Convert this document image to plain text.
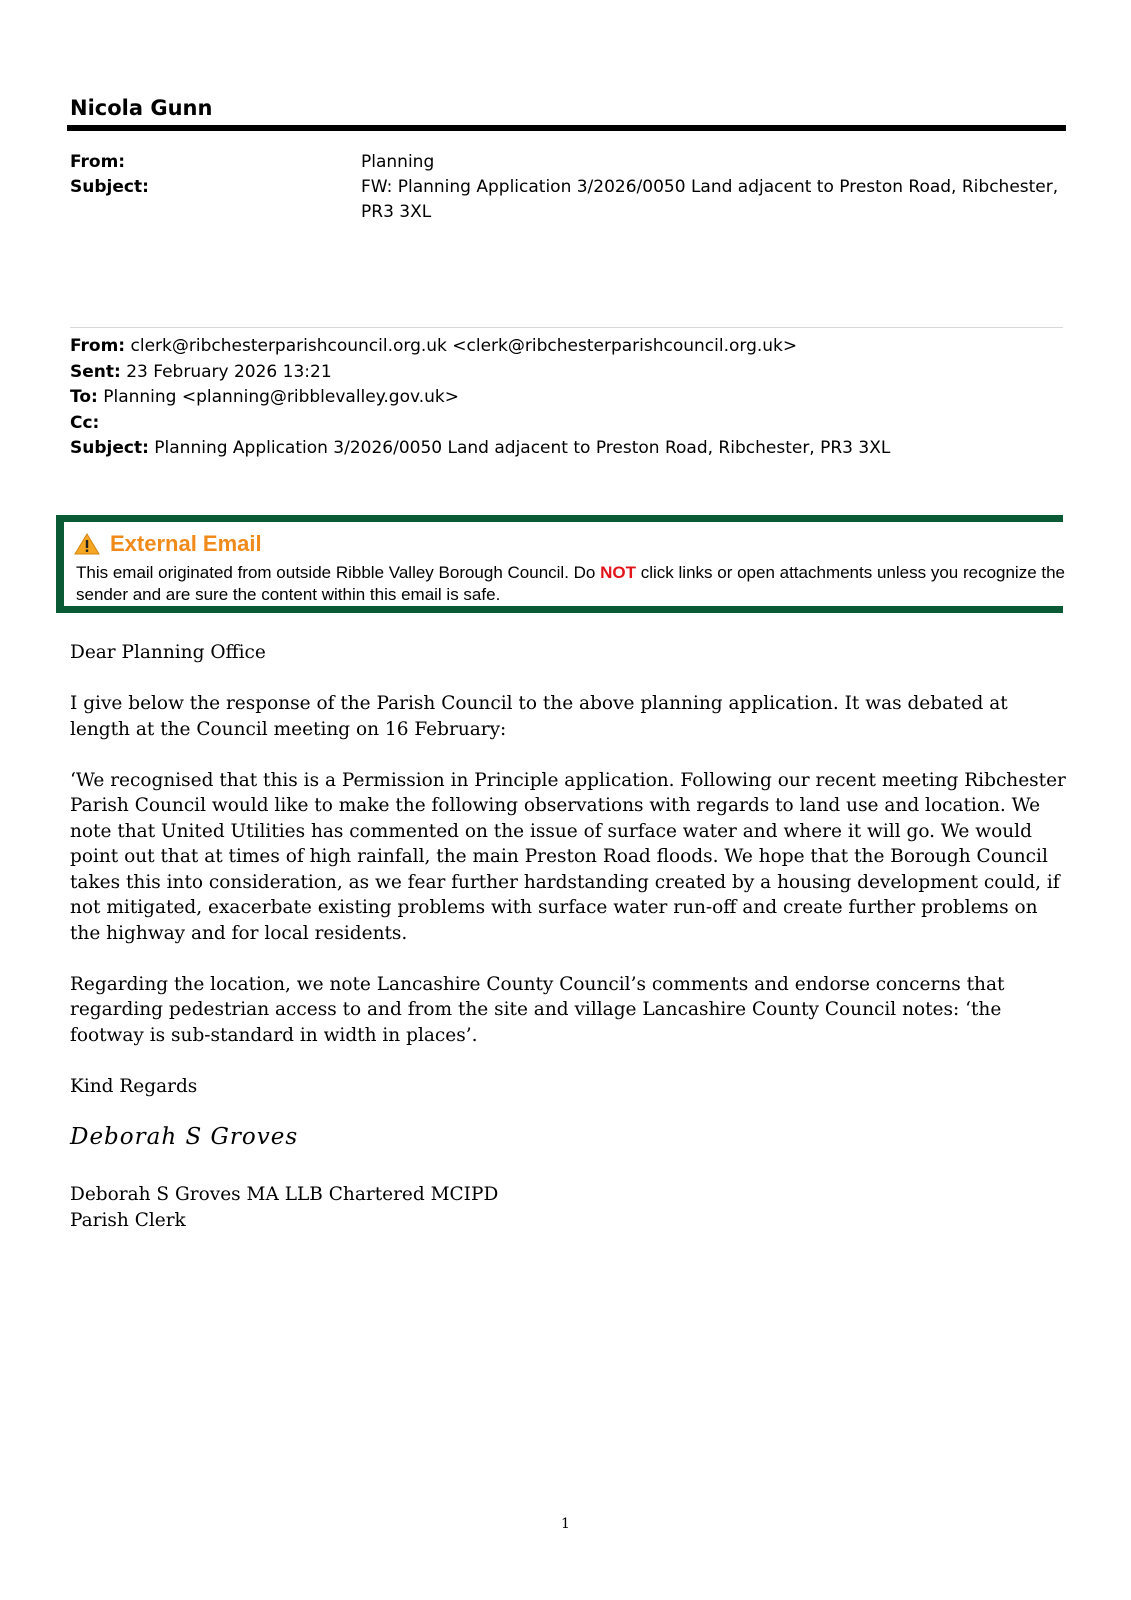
Nicola Gunn
From:	Planning
Subject:	FW: Planning Application 3/2026/0050 Land adjacent to Preston Road, Ribchester, PR3 3XL
From: clerk@ribchesterparishcouncil.org.uk <clerk@ribchesterparishcouncil.org.uk>
Sent: 23 February 2026 13:21
To: Planning <planning@ribblevalley.gov.uk>
Cc:
Subject: Planning Application 3/2026/0050 Land adjacent to Preston Road, Ribchester, PR3 3XL
External Email
This email originated from outside Ribble Valley Borough Council. Do NOT click links or open attachments unless you recognize the sender and are sure the content within this email is safe.

Dear Planning Office

I give below the response of the Parish Council to the above planning application. It was debated at length at the Council meeting on 16 February:

‘We recognised that this is a Permission in Principle application. Following our recent meeting Ribchester Parish Council would like to make the following observations with regards to land use and location. We note that United Utilities has commented on the issue of surface water and where it will go. We would point out that at times of high rainfall, the main Preston Road floods. We hope that the Borough Council takes this into consideration, as we fear further hardstanding created by a housing development could, if not mitigated, exacerbate existing problems with surface water run-off and create further problems on the highway and for local residents.

Regarding the location, we note Lancashire County Council’s comments and endorse concerns that regarding pedestrian access to and from the site and village Lancashire County Council notes: ‘the footway is sub-standard in width in places’.

Kind Regards

Deborah S Groves
Deborah S Groves MA LLB Chartered MCIPD
Parish Clerk
1
